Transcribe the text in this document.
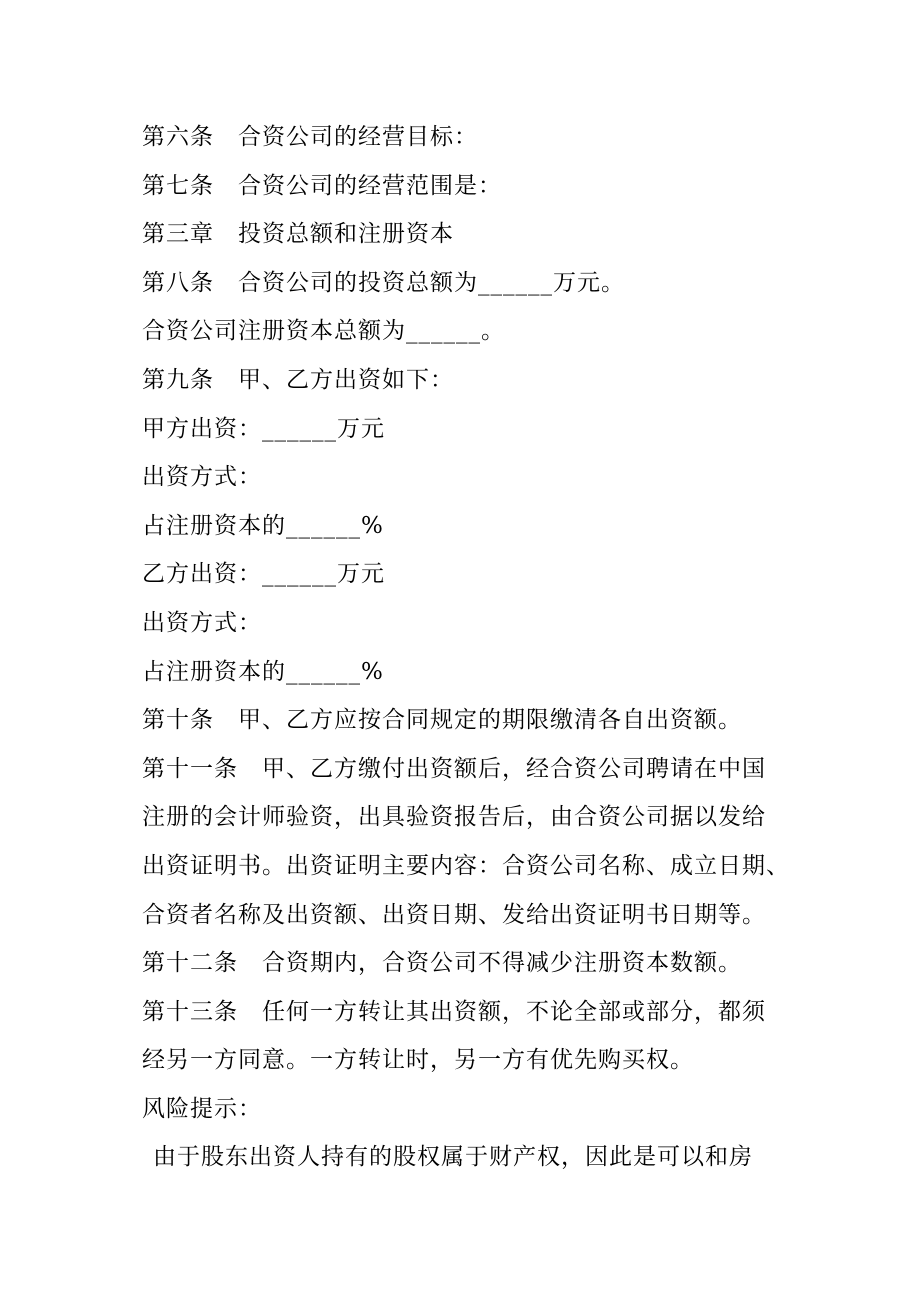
第六条　合资公司的经营目标：
第七条　合资公司的经营范围是：
第三章　投资总额和注册资本
第八条　合资公司的投资总额为______万元。
合资公司注册资本总额为______。
第九条　甲、乙方出资如下：
甲方出资：______万元
出资方式：
占注册资本的______%
乙方出资：______万元
出资方式：
占注册资本的______%
第十条　甲、乙方应按合同规定的期限缴清各自出资额。
第十一条　甲、乙方缴付出资额后，经合资公司聘请在中国
注册的会计师验资，出具验资报告后，由合资公司据以发给
出资证明书。出资证明主要内容：合资公司名称、成立日期、
合资者名称及出资额、出资日期、发给出资证明书日期等。
第十二条　合资期内，合资公司不得减少注册资本数额。
第十三条　任何一方转让其出资额，不论全部或部分，都须
经另一方同意。一方转让时，另一方有优先购买权。
风险提示：
由于股东出资人持有的股权属于财产权，因此是可以和房
